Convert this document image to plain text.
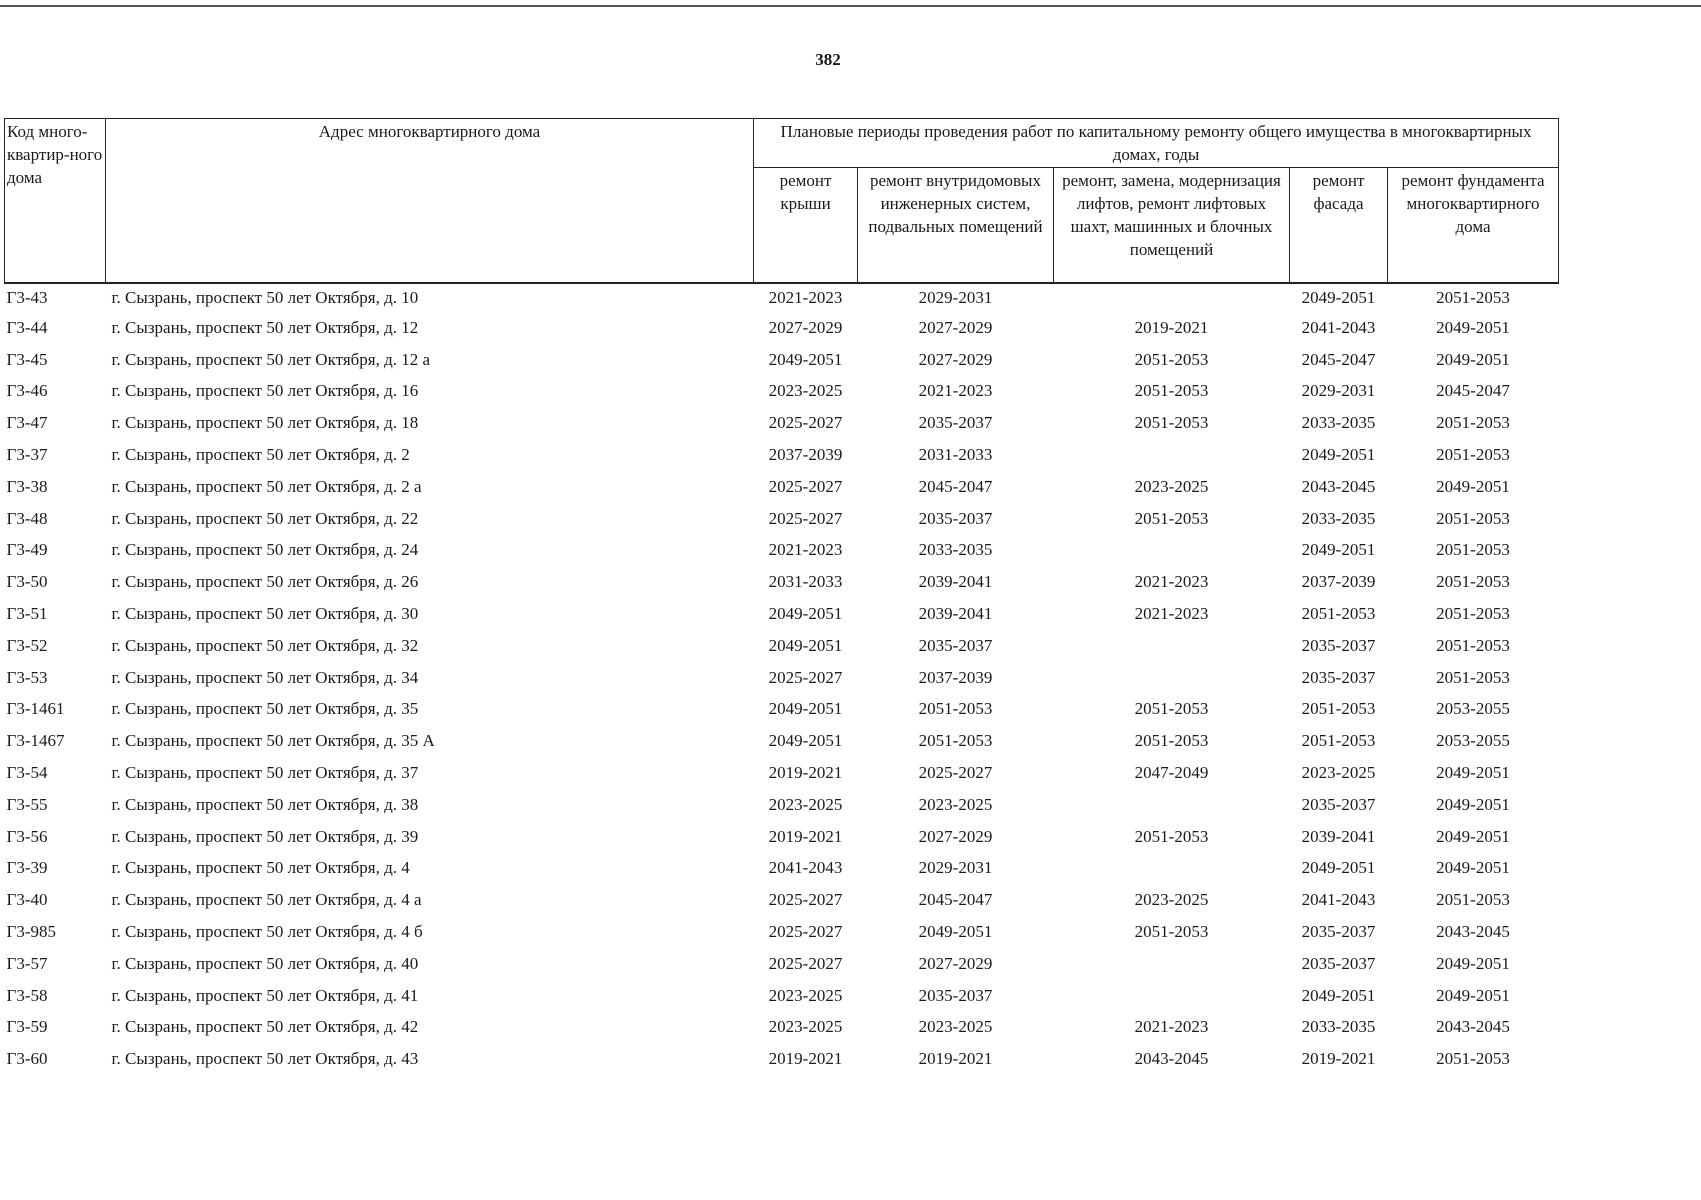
382
Код много-квартир-ного дома	Адрес многоквартирного дома	Плановые периоды проведения работ по капитальному ремонту общего имущества в многоквартирных домах, годы				
		ремонт крыши	ремонт внутридомовых инженерных систем, подвальных помещений	ремонт, замена, модернизация лифтов, ремонт лифтовых шахт, машинных и блочных помещений	ремонт фасада	ремонт фундамента многоквартирного дома
Г3-43	г. Сызрань, проспект 50 лет Октября, д. 10	2021-2023	2029-2031		2049-2051	2051-2053
Г3-44	г. Сызрань, проспект 50 лет Октября, д. 12	2027-2029	2027-2029	2019-2021	2041-2043	2049-2051
Г3-45	г. Сызрань, проспект 50 лет Октября, д. 12 а	2049-2051	2027-2029	2051-2053	2045-2047	2049-2051
Г3-46	г. Сызрань, проспект 50 лет Октября, д. 16	2023-2025	2021-2023	2051-2053	2029-2031	2045-2047
Г3-47	г. Сызрань, проспект 50 лет Октября, д. 18	2025-2027	2035-2037	2051-2053	2033-2035	2051-2053
Г3-37	г. Сызрань, проспект 50 лет Октября, д. 2	2037-2039	2031-2033		2049-2051	2051-2053
Г3-38	г. Сызрань, проспект 50 лет Октября, д. 2 а	2025-2027	2045-2047	2023-2025	2043-2045	2049-2051
Г3-48	г. Сызрань, проспект 50 лет Октября, д. 22	2025-2027	2035-2037	2051-2053	2033-2035	2051-2053
Г3-49	г. Сызрань, проспект 50 лет Октября, д. 24	2021-2023	2033-2035		2049-2051	2051-2053
Г3-50	г. Сызрань, проспект 50 лет Октября, д. 26	2031-2033	2039-2041	2021-2023	2037-2039	2051-2053
Г3-51	г. Сызрань, проспект 50 лет Октября, д. 30	2049-2051	2039-2041	2021-2023	2051-2053	2051-2053
Г3-52	г. Сызрань, проспект 50 лет Октября, д. 32	2049-2051	2035-2037		2035-2037	2051-2053
Г3-53	г. Сызрань, проспект 50 лет Октября, д. 34	2025-2027	2037-2039		2035-2037	2051-2053
Г3-1461	г. Сызрань, проспект 50 лет Октября, д. 35	2049-2051	2051-2053	2051-2053	2051-2053	2053-2055
Г3-1467	г. Сызрань, проспект 50 лет Октября, д. 35 А	2049-2051	2051-2053	2051-2053	2051-2053	2053-2055
Г3-54	г. Сызрань, проспект 50 лет Октября, д. 37	2019-2021	2025-2027	2047-2049	2023-2025	2049-2051
Г3-55	г. Сызрань, проспект 50 лет Октября, д. 38	2023-2025	2023-2025		2035-2037	2049-2051
Г3-56	г. Сызрань, проспект 50 лет Октября, д. 39	2019-2021	2027-2029	2051-2053	2039-2041	2049-2051
Г3-39	г. Сызрань, проспект 50 лет Октября, д. 4	2041-2043	2029-2031		2049-2051	2049-2051
Г3-40	г. Сызрань, проспект 50 лет Октября, д. 4 а	2025-2027	2045-2047	2023-2025	2041-2043	2051-2053
Г3-985	г. Сызрань, проспект 50 лет Октября, д. 4 б	2025-2027	2049-2051	2051-2053	2035-2037	2043-2045
Г3-57	г. Сызрань, проспект 50 лет Октября, д. 40	2025-2027	2027-2029		2035-2037	2049-2051
Г3-58	г. Сызрань, проспект 50 лет Октября, д. 41	2023-2025	2035-2037		2049-2051	2049-2051
Г3-59	г. Сызрань, проспект 50 лет Октября, д. 42	2023-2025	2023-2025	2021-2023	2033-2035	2043-2045
Г3-60	г. Сызрань, проспект 50 лет Октября, д. 43	2019-2021	2019-2021	2043-2045	2019-2021	2051-2053
